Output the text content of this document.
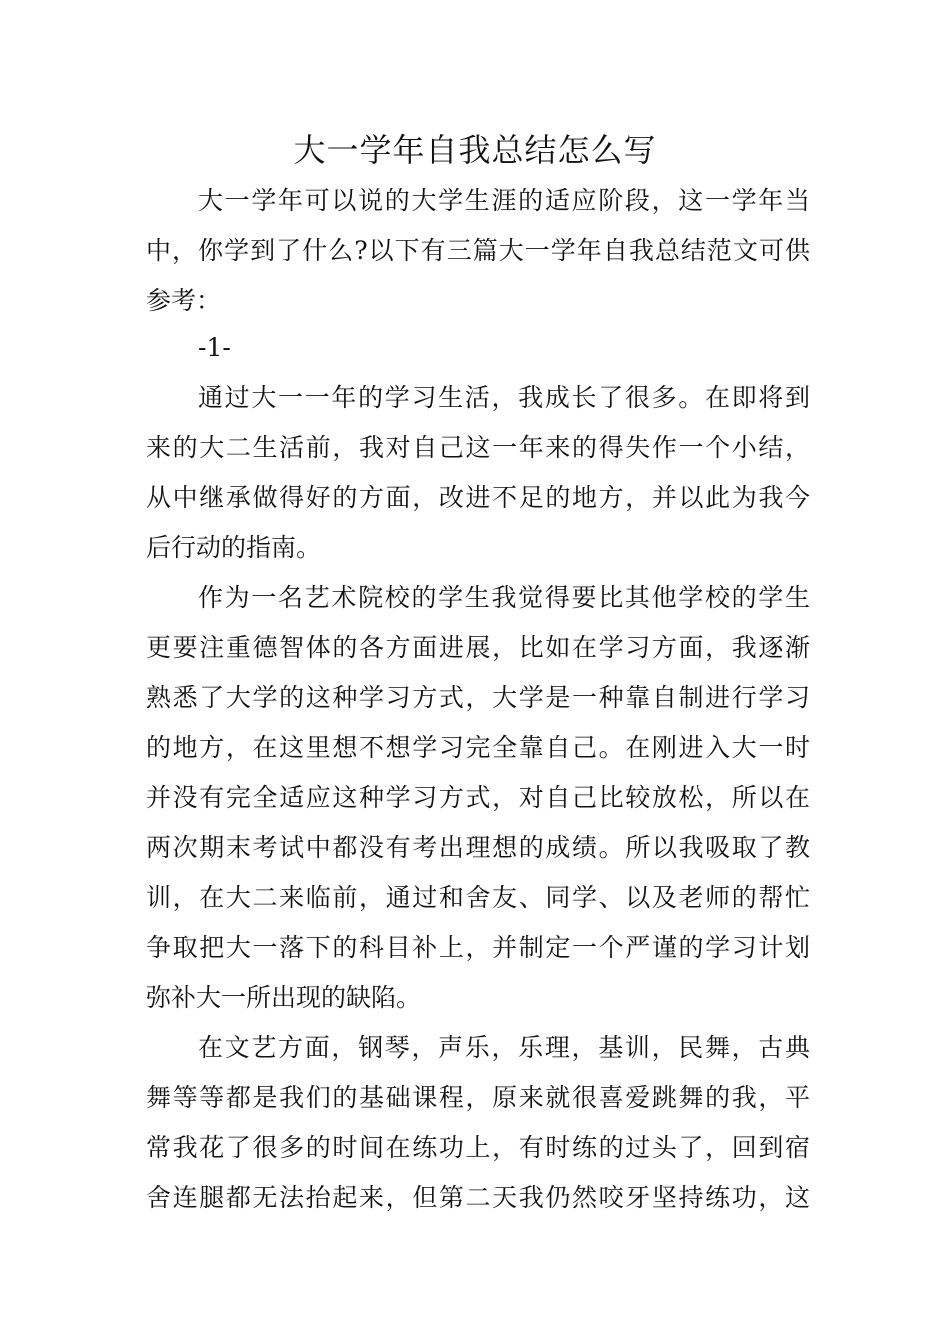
大一学年自我总结怎么写
大一学年可以说的大学生涯的适应阶段，这一学年当
中，你学到了什么?以下有三篇大一学年自我总结范文可供
参考：
-1-
通过大一一年的学习生活，我成长了很多。在即将到
来的大二生活前，我对自己这一年来的得失作一个小结，
从中继承做得好的方面，改进不足的地方，并以此为我今
后行动的指南。
作为一名艺术院校的学生我觉得要比其他学校的学生
更要注重德智体的各方面进展，比如在学习方面，我逐渐
熟悉了大学的这种学习方式，大学是一种靠自制进行学习
的地方，在这里想不想学习完全靠自己。在刚进入大一时
并没有完全适应这种学习方式，对自己比较放松，所以在
两次期末考试中都没有考出理想的成绩。所以我吸取了教
训，在大二来临前，通过和舍友、同学、以及老师的帮忙
争取把大一落下的科目补上，并制定一个严谨的学习计划
弥补大一所出现的缺陷。
在文艺方面，钢琴，声乐，乐理，基训，民舞，古典
舞等等都是我们的基础课程，原来就很喜爱跳舞的我，平
常我花了很多的时间在练功上，有时练的过头了，回到宿
舍连腿都无法抬起来，但第二天我仍然咬牙坚持练功，这
